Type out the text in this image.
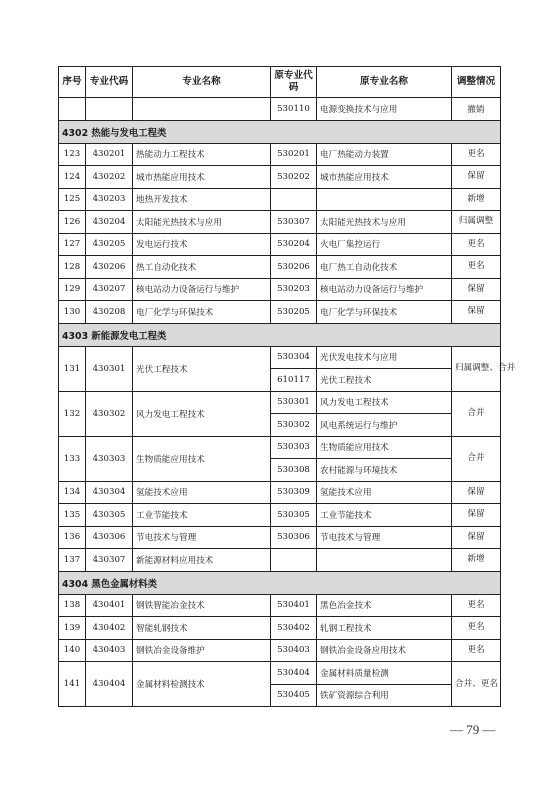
序号	专业代码	专业名称	原专业代码	原专业名称	调整情况
			530110	电源变换技术与应用	撤销
4302 热能与发电工程类					
123	430201	热能动力工程技术	530201	电厂热能动力装置	更名
124	430202	城市热能应用技术	530202	城市热能应用技术	保留
125	430203	地热开发技术			新增
126	430204	太阳能光热技术与应用	530307	太阳能光热技术与应用	归属调整
127	430205	发电运行技术	530204	火电厂集控运行	更名
128	430206	热工自动化技术	530206	电厂热工自动化技术	更名
129	430207	核电站动力设备运行与维护	530203	核电站动力设备运行与维护	保留
130	430208	电厂化学与环保技术	530205	电厂化学与环保技术	保留
4303 新能源发电工程类					
131	430301	光伏工程技术	530304	光伏发电技术与应用	归属调整、合并
			610117	光伏工程技术	
132	430302	风力发电工程技术	530301	风力发电工程技术	合并
			530302	风电系统运行与维护	
133	430303	生物质能应用技术	530303	生物质能应用技术	合并
			530308	农村能源与环境技术	
134	430304	氢能技术应用	530309	氢能技术应用	保留
135	430305	工业节能技术	530305	工业节能技术	保留
136	430306	节电技术与管理	530306	节电技术与管理	保留
137	430307	新能源材料应用技术			新增
4304 黑色金属材料类					
138	430401	钢铁智能冶金技术	530401	黑色冶金技术	更名
139	430402	智能轧钢技术	530402	轧钢工程技术	更名
140	430403	钢铁冶金设备维护	530403	钢铁冶金设备应用技术	更名
141	430404	金属材料检测技术	530404	金属材料质量检测	合并、更名
			530405	铁矿资源综合利用	
— 79 —
